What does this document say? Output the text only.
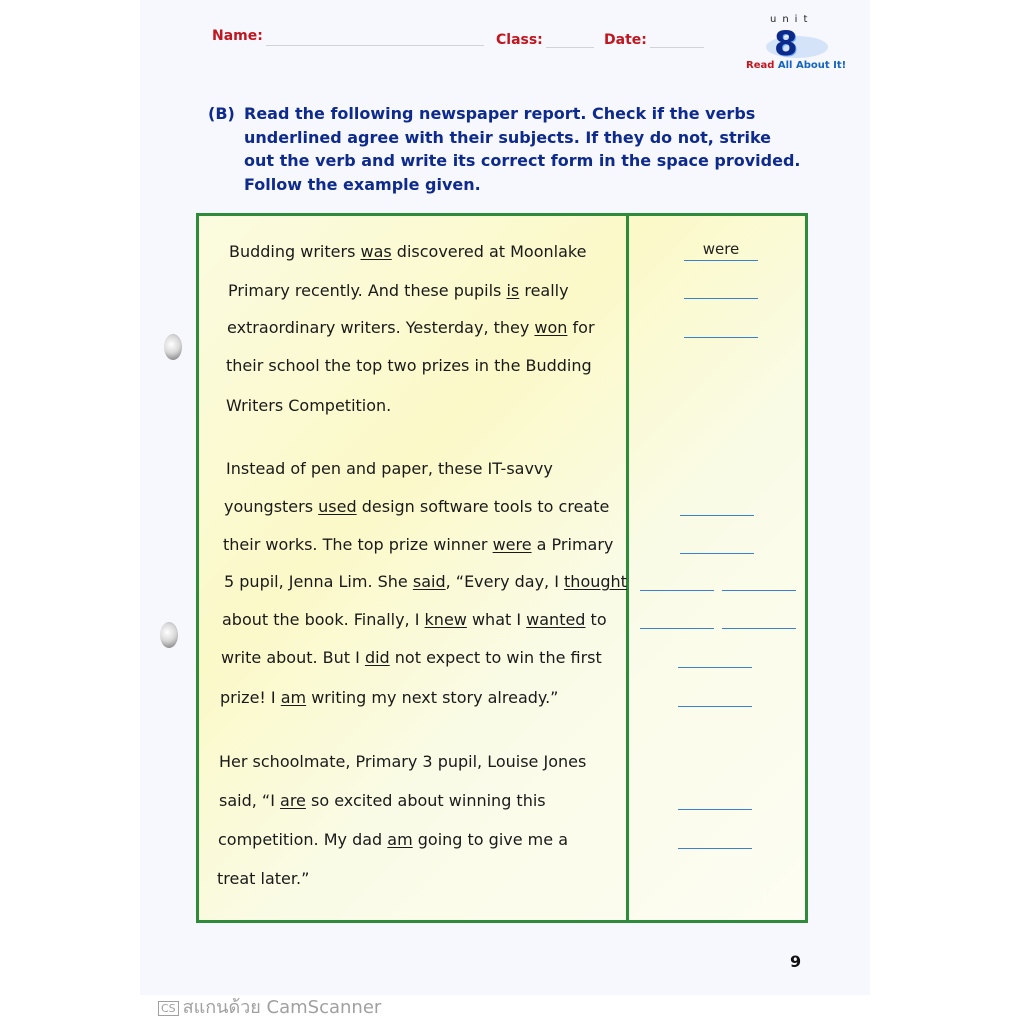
Name:	Class:	Date:
unit
8
Read All About It!
(B) Read the following newspaper report. Check if the verbs underlined agree with their subjects. If they do not, strike out the verb and write its correct form in the space provided. Follow the example given.
Budding writers was discovered at Moonlake
Primary recently. And these pupils is really
extraordinary writers. Yesterday, they won for
their school the top two prizes in the Budding
Writers Competition.
Instead of pen and paper, these IT-savvy
youngsters used design software tools to create
their works. The top prize winner were a Primary
5 pupil, Jenna Lim. She said, “Every day, I thought
about the book. Finally, I knew what I wanted to
write about. But I did not expect to win the first
prize! I am writing my next story already.”
Her schoolmate, Primary 3 pupil, Louise Jones
said, “I are so excited about winning this
competition. My dad am going to give me a
treat later.”
were
9
CS สแกนด้วย CamScanner
